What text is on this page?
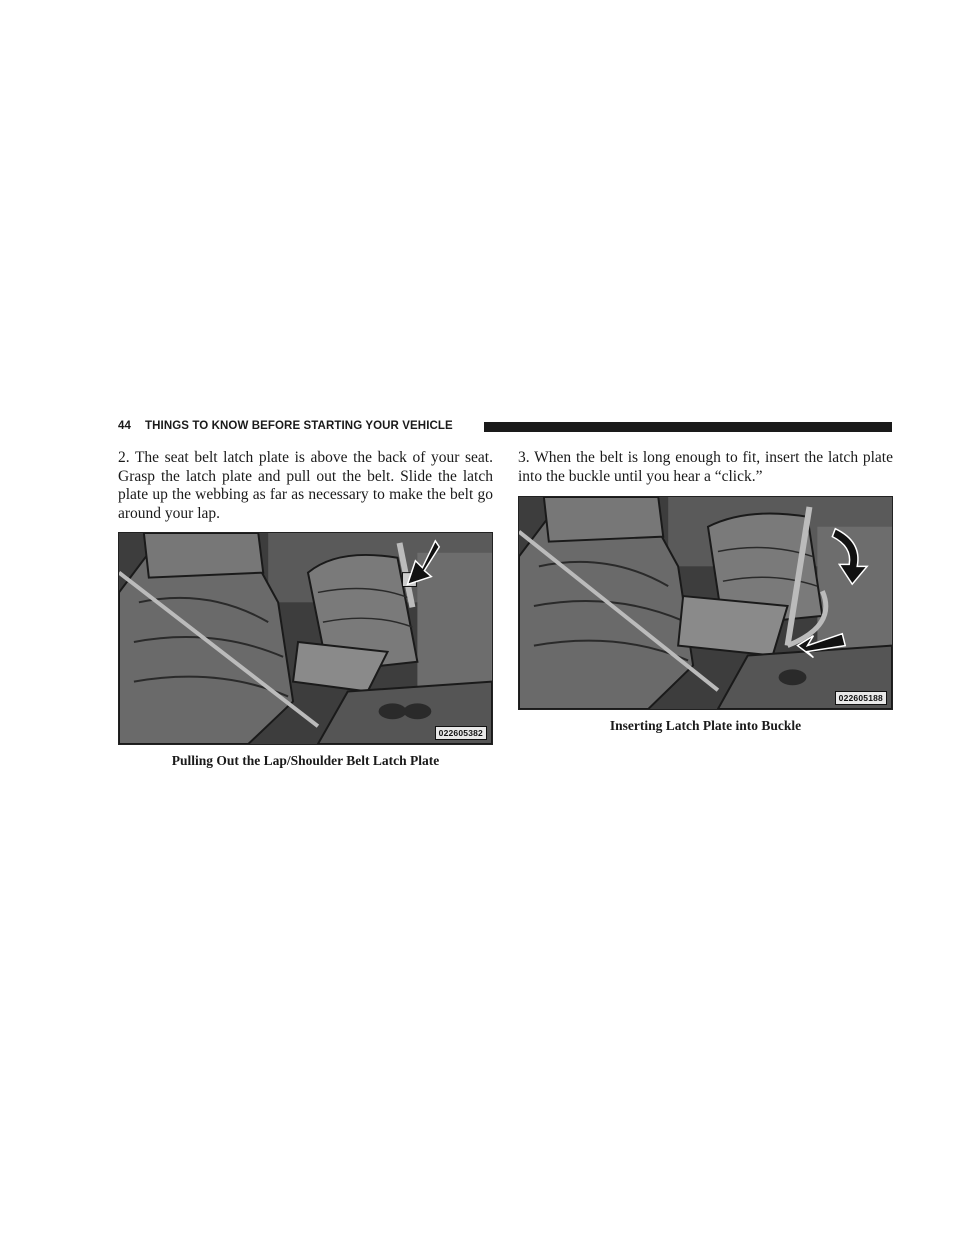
44 THINGS TO KNOW BEFORE STARTING YOUR VEHICLE

2. The seat belt latch plate is above the back of your seat. Grasp the latch plate and pull out the belt. Slide the latch plate up the webbing as far as necessary to make the belt go around your lap.

022605382
Pulling Out the Lap/Shoulder Belt Latch Plate

3. When the belt is long enough to fit, insert the latch plate into the buckle until you hear a “click.”

022605188
Inserting Latch Plate into Buckle
